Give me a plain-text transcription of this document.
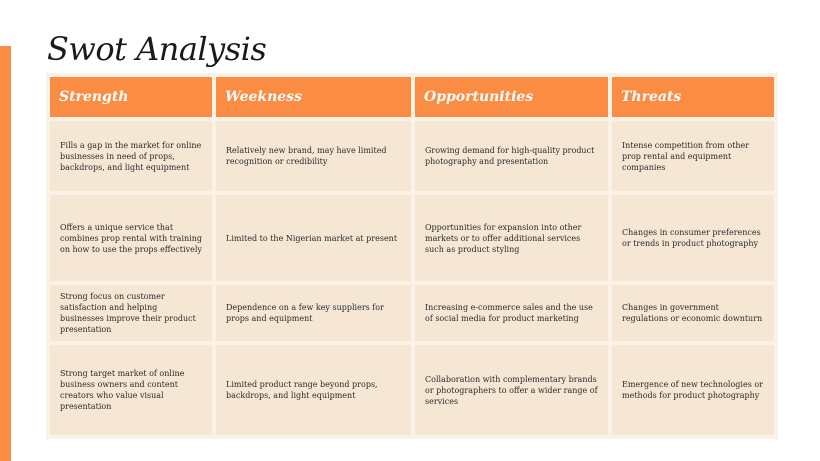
Swot Analysis
Strength	Weekness	Opportunities	Threats
Fills a gap in the market for online businesses in need of props, backdrops, and light equipment	Relatively new brand, may have limited recognition or credibility	Growing demand for high-quality product photography and presentation	Intense competition from other prop rental and equipment companies
Offers a unique service that combines prop rental with training on how to use the props effectively	Limited to the Nigerian market at present	Opportunities for expansion into other markets or to offer additional services such as product styling	Changes in consumer preferences or trends in product photography
Strong focus on customer satisfaction and helping businesses improve their product presentation	Dependence on a few key suppliers for props and equipment	Increasing e-commerce sales and the use of social media for product marketing	Changes in government regulations or economic downturn
Strong target market of online business owners and content creators who value visual presentation	Limited product range beyond props, backdrops, and light equipment	Collaboration with complementary brands or photographers to offer a wider range of services	Emergence of new technologies or methods for product photography
